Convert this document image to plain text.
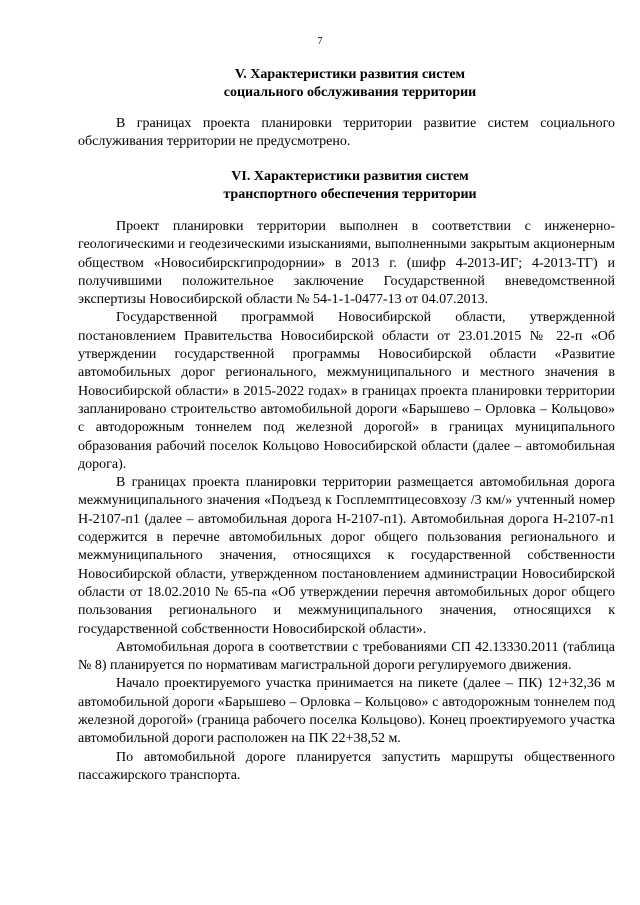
7
V. Характеристики развития систем
социального обслуживания территории

В границах проекта планировки территории развитие систем социального обслуживания территории не предусмотрено.

VI. Характеристики развития систем
транспортного обеспечения территории

Проект планировки территории выполнен в соответствии с инженерно-геологическими и геодезическими изысканиями, выполненными закрытым акционерным обществом «Новосибирскгипродорнии» в 2013 г. (шифр 4-2013-ИГ; 4-2013-ТГ) и получившими положительное заключение Государственной вневедомственной экспертизы Новосибирской области № 54-1-1-0477-13 от 04.07.2013.

Государственной программой Новосибирской области, утвержденной постановлением Правительства Новосибирской области от 23.01.2015 № 22-п «Об утверждении государственной программы Новосибирской области «Развитие автомобильных дорог регионального, межмуниципального и местного значения в Новосибирской области» в 2015-2022 годах» в границах проекта планировки территории запланировано строительство автомобильной дороги «Барышево – Орловка – Кольцово» с автодорожным тоннелем под железной дорогой» в границах муниципального образования рабочий поселок Кольцово Новосибирской области (далее – автомобильная дорога).

В границах проекта планировки территории размещается автомобильная дорога межмуниципального значения «Подъезд к Госплемптицесовхозу /3 км/» учтенный номер Н-2107-п1 (далее – автомобильная дорога Н-2107-п1). Автомобильная дорога Н-2107-п1 содержится в перечне автомобильных дорог общего пользования регионального и межмуниципального значения, относящихся к государственной собственности Новосибирской области, утвержденном постановлением администрации Новосибирской области от 18.02.2010 № 65-па «Об утверждении перечня автомобильных дорог общего пользования регионального и межмуниципального значения, относящихся к государственной собственности Новосибирской области».

Автомобильная дорога в соответствии с требованиями СП 42.13330.2011 (таблица № 8) планируется по нормативам магистральной дороги регулируемого движения.

Начало проектируемого участка принимается на пикете (далее – ПК) 12+32,36 м автомобильной дороги «Барышево – Орловка – Кольцово» с автодорожным тоннелем под железной дорогой» (граница рабочего поселка Кольцово). Конец проектируемого участка автомобильной дороги расположен на ПК 22+38,52 м.

По автомобильной дороге планируется запустить маршруты общественного пассажирского транспорта.
